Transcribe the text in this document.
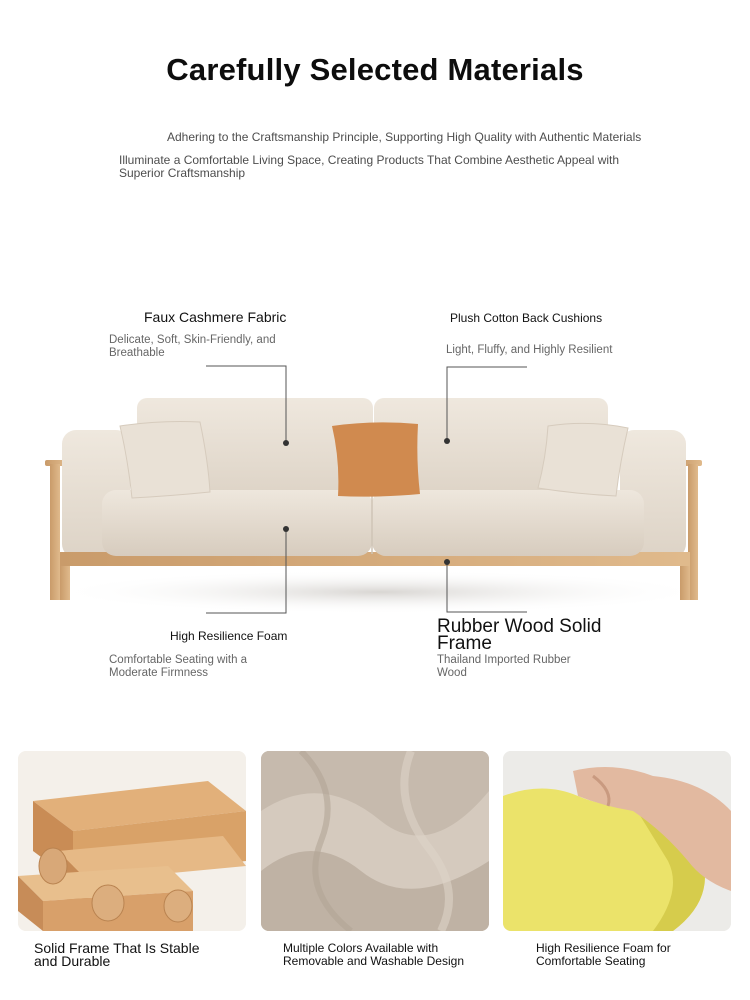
Carefully Selected Materials
Adhering to the Craftsmanship Principle, Supporting High Quality with Authentic Materials
Illuminate a Comfortable Living Space, Creating Products That Combine Aesthetic Appeal with Superior Craftsmanship
Faux Cashmere Fabric
Delicate, Soft, Skin-Friendly, and Breathable
Plush Cotton Back Cushions
Light, Fluffy, and Highly Resilient
High Resilience Foam
Comfortable Seating with a Moderate Firmness
Rubber Wood Solid Frame
Thailand Imported Rubber Wood
Solid Frame That Is Stable and Durable
Multiple Colors Available with Removable and Washable Design
High Resilience Foam for Comfortable Seating
